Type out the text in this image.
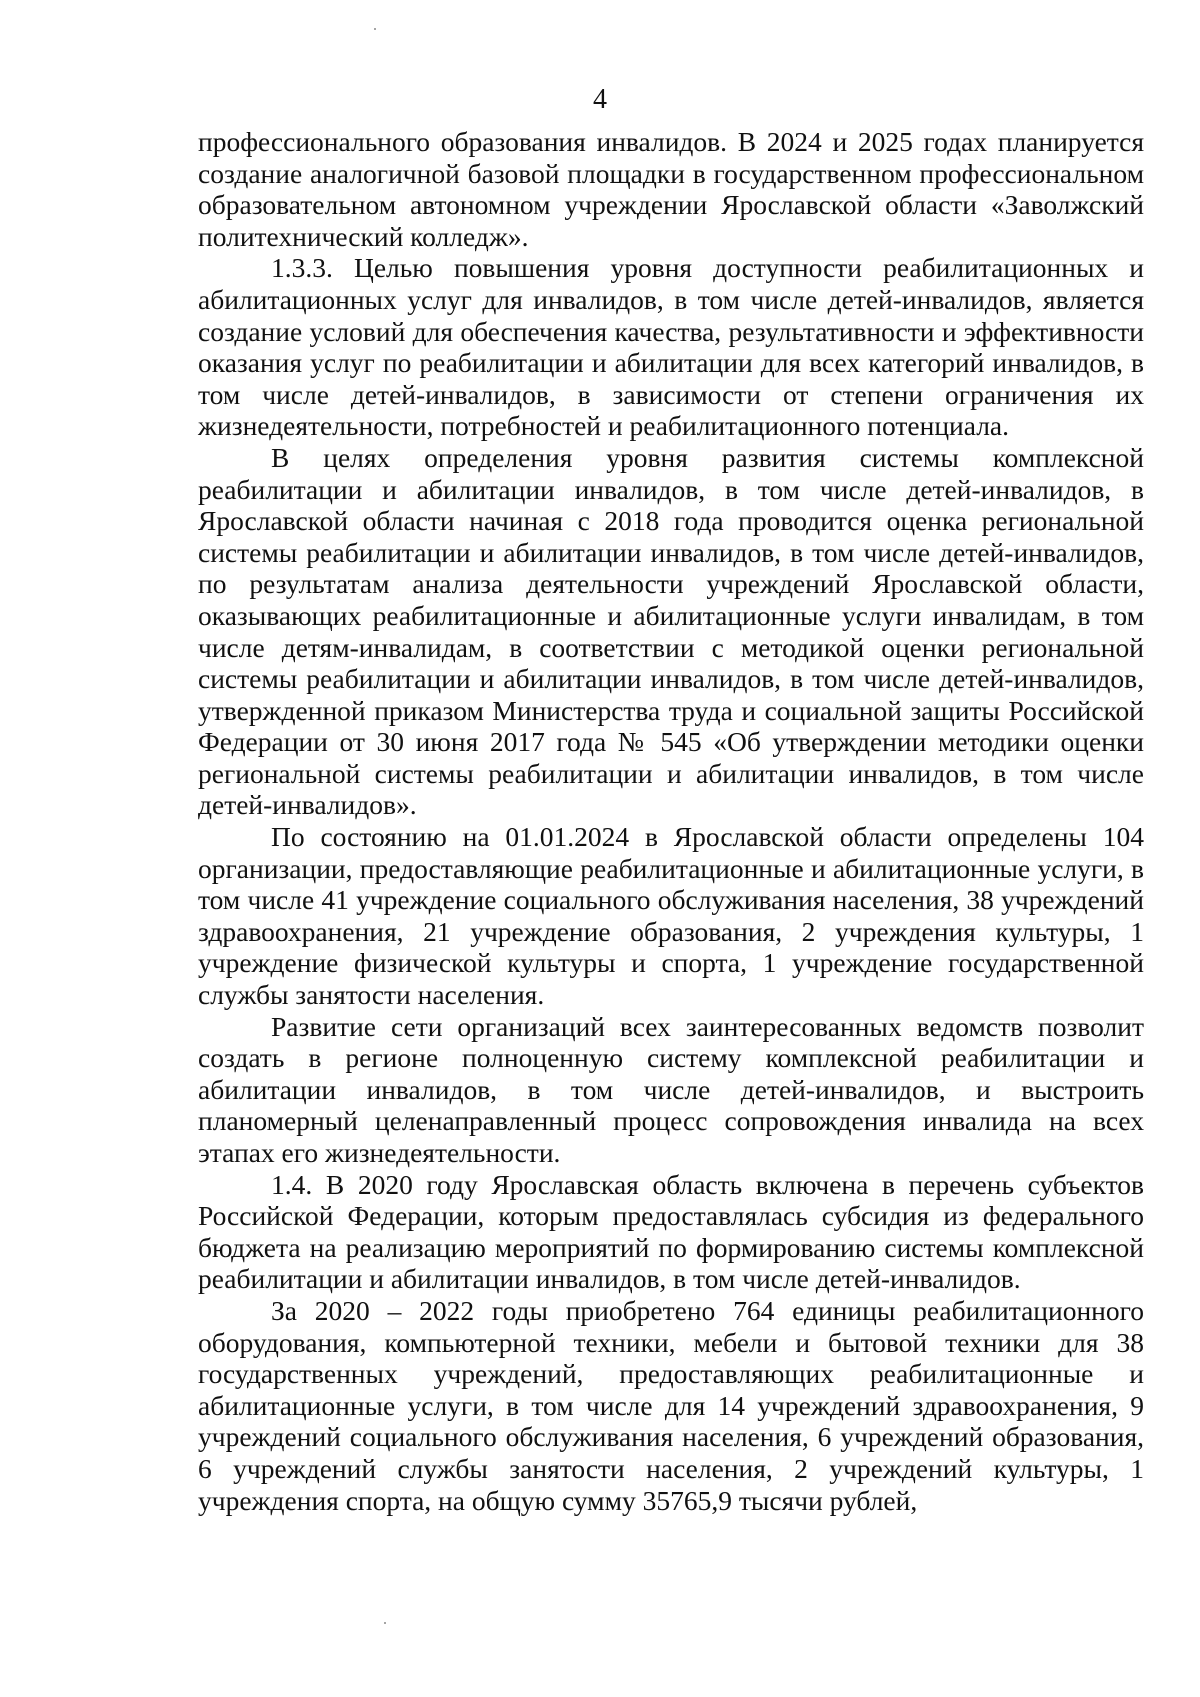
4

профессионального образования инвалидов. В 2024 и 2025 годах планируется создание аналогичной базовой площадки в государственном профессиональном образовательном автономном учреждении Ярославской области «Заволжский политехнический колледж».

1.3.3. Целью повышения уровня доступности реабилитационных и абилитационных услуг для инвалидов, в том числе детей-инвалидов, является создание условий для обеспечения качества, результативности и эффективности оказания услуг по реабилитации и абилитации для всех категорий инвалидов, в том числе детей-инвалидов, в зависимости от степени ограничения их жизнедеятельности, потребностей и реабилитационного потенциала.

В целях определения уровня развития системы комплексной реабилитации и абилитации инвалидов, в том числе детей-инвалидов, в Ярославской области начиная с 2018 года проводится оценка региональной системы реабилитации и абилитации инвалидов, в том числе детей-инвалидов, по результатам анализа деятельности учреждений Ярославской области, оказывающих реабилитационные и абилитационные услуги инвалидам, в том числе детям-инвалидам, в соответствии с методикой оценки региональной системы реабилитации и абилитации инвалидов, в том числе детей-инвалидов, утвержденной приказом Министерства труда и социальной защиты Российской Федерации от 30 июня 2017 года № 545 «Об утверждении методики оценки региональной системы реабилитации и абилитации инвалидов, в том числе детей-инвалидов».

По состоянию на 01.01.2024 в Ярославской области определены 104 организации, предоставляющие реабилитационные и абилитационные услуги, в том числе 41 учреждение социального обслуживания населения, 38 учреждений здравоохранения, 21 учреждение образования, 2 учреждения культуры, 1 учреждение физической культуры и спорта, 1 учреждение государственной службы занятости населения.

Развитие сети организаций всех заинтересованных ведомств позволит создать в регионе полноценную систему комплексной реабилитации и абилитации инвалидов, в том числе детей-инвалидов, и выстроить планомерный целенаправленный процесс сопровождения инвалида на всех этапах его жизнедеятельности.

1.4. В 2020 году Ярославская область включена в перечень субъектов Российской Федерации, которым предоставлялась субсидия из федерального бюджета на реализацию мероприятий по формированию системы комплексной реабилитации и абилитации инвалидов, в том числе детей-инвалидов.

За 2020 – 2022 годы приобретено 764 единицы реабилитационного оборудования, компьютерной техники, мебели и бытовой техники для 38 государственных учреждений, предоставляющих реабилитационные и абилитационные услуги, в том числе для 14 учреждений здравоохранения, 9 учреждений социального обслуживания населения, 6 учреждений образования, 6 учреждений службы занятости населения, 2 учреждений культуры, 1 учреждения спорта, на общую сумму 35765,9 тысячи рублей,
